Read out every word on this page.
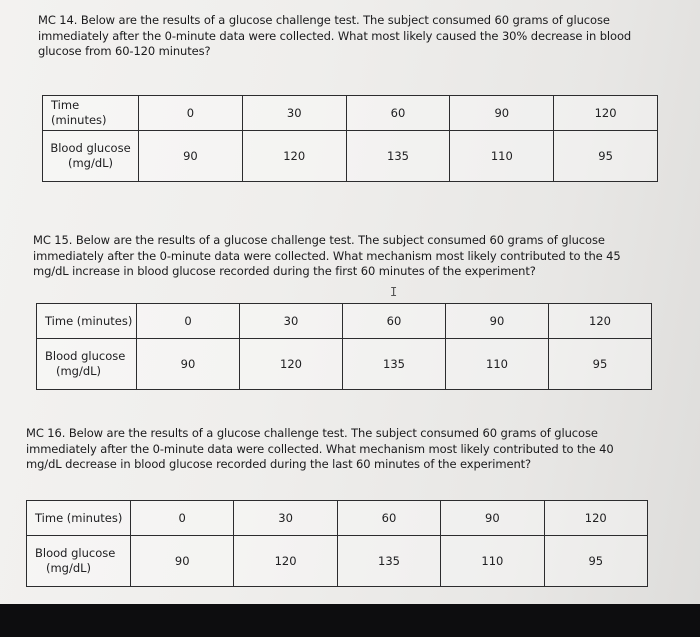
MC 14. Below are the results of a glucose challenge test. The subject consumed 60 grams of glucose
immediately after the 0-minute data were collected. What most likely caused the 30% decrease in blood
glucose from 60-120 minutes?
Time (minutes)	0	30	60	90	120
Blood glucose
(mg/dL)	90	120	135	110	95
MC 15. Below are the results of a glucose challenge test. The subject consumed 60 grams of glucose
immediately after the 0-minute data were collected. What mechanism most likely contributed to the 45
mg/dL increase in blood glucose recorded during the first 60 minutes of the experiment?
I
Time (minutes)	0	30	60	90	120
Blood glucose
(mg/dL)	90	120	135	110	95
MC 16. Below are the results of a glucose challenge test. The subject consumed 60 grams of glucose
immediately after the 0-minute data were collected. What mechanism most likely contributed to the 40
mg/dL decrease in blood glucose recorded during the last 60 minutes of the experiment?
Time (minutes)	0	30	60	90	120
Blood glucose
(mg/dL)	90	120	135	110	95
